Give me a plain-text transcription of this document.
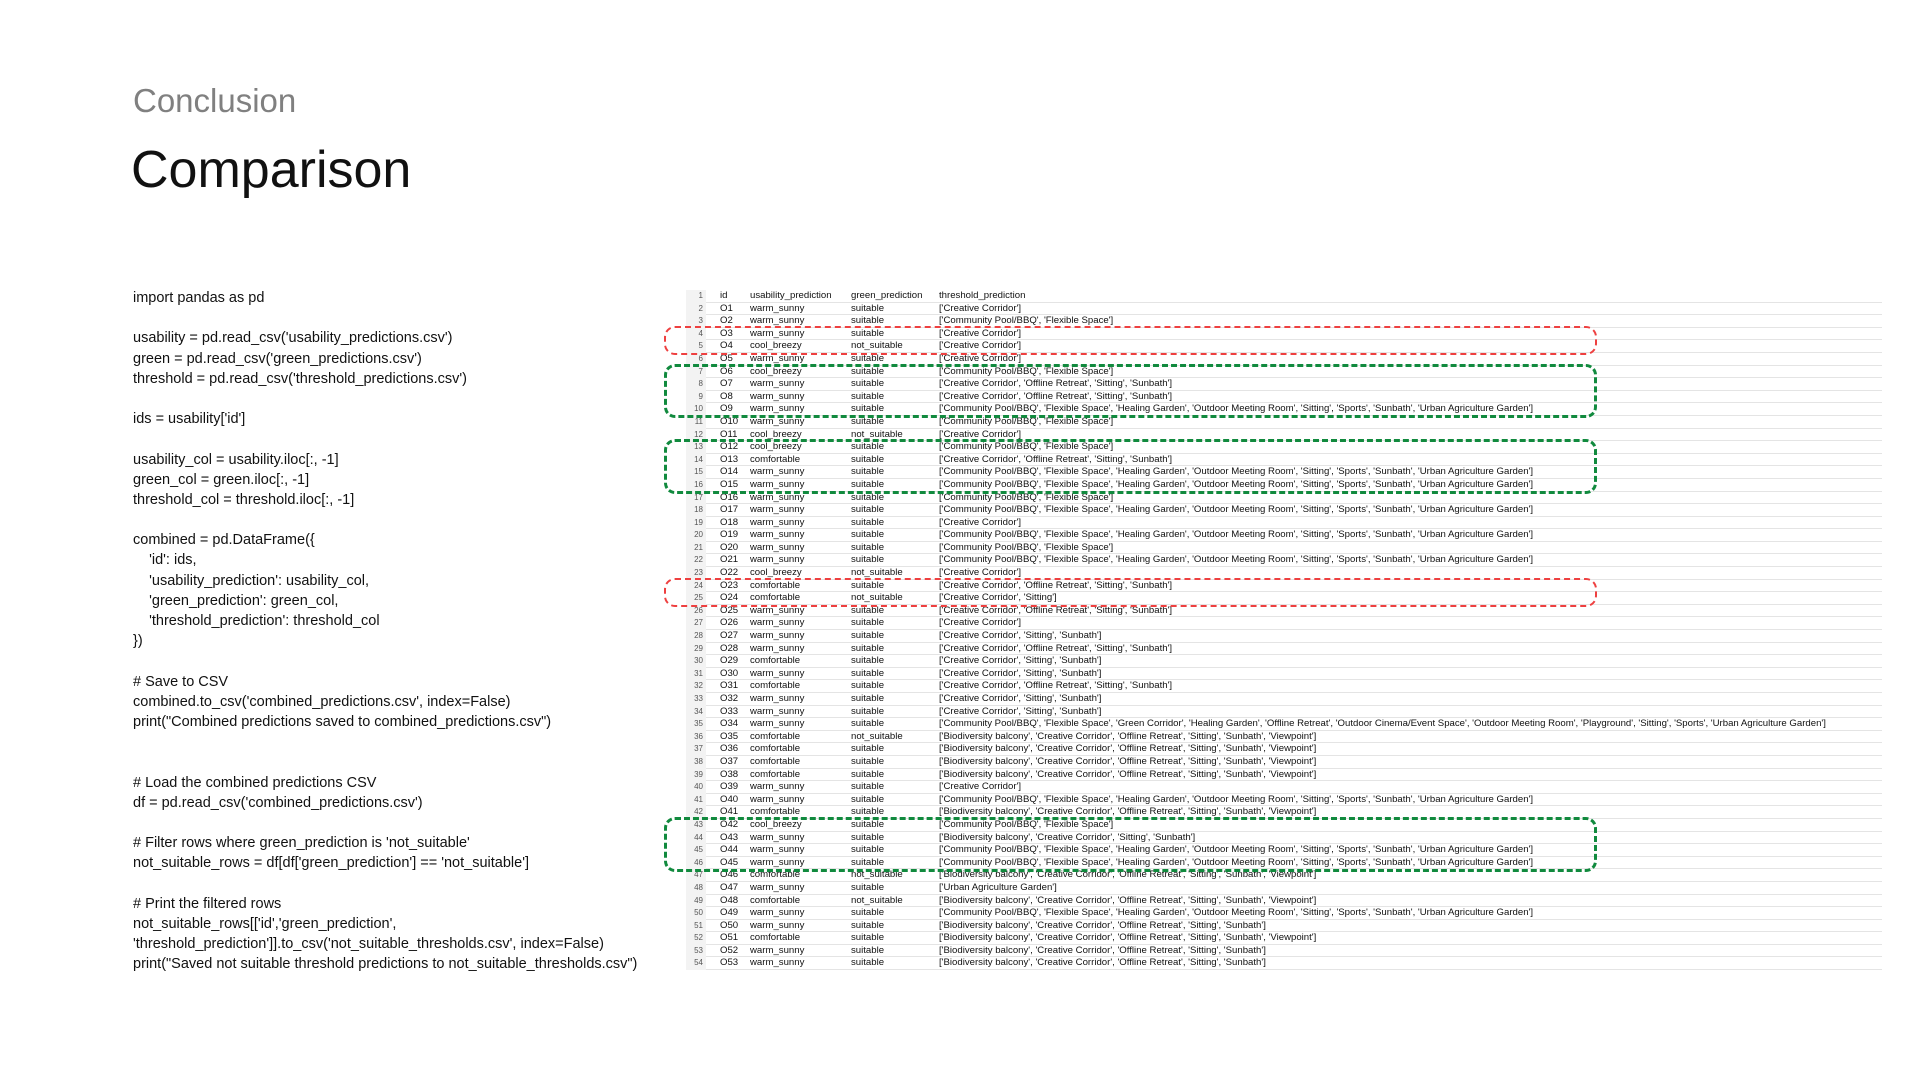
Conclusion
Comparison
import pandas as pd
usability = pd.read_csv('usability_predictions.csv')
green = pd.read_csv('green_predictions.csv')
threshold = pd.read_csv('threshold_predictions.csv')
ids = usability['id']
usability_col = usability.iloc[:, -1]
green_col = green.iloc[:, -1]
threshold_col = threshold.iloc[:, -1]
combined = pd.DataFrame({
'id': ids,
'usability_prediction': usability_col,
'green_prediction': green_col,
'threshold_prediction': threshold_col
})
# Save to CSV
combined.to_csv('combined_predictions.csv', index=False)
print("Combined predictions saved to combined_predictions.csv")
# Load the combined predictions CSV
df = pd.read_csv('combined_predictions.csv')
# Filter rows where green_prediction is 'not_suitable'
not_suitable_rows = df[df['green_prediction'] == 'not_suitable']
# Print the filtered rows
not_suitable_rows[['id','green_prediction',
'threshold_prediction']].to_csv('not_suitable_thresholds.csv', index=False)
print("Saved not suitable threshold predictions to not_suitable_thresholds.csv")
1	id usability_prediction green_prediction threshold_prediction
2	O1 warm_sunny	suitable	['Creative Corridor']
3	O2 warm_sunny	suitable	['Community Pool/BBQ', 'Flexible Space']
4	O3 warm_sunny	suitable	['Creative Corridor']
5	O4 cool_breezy	not_suitable	['Creative Corridor']
6	O5 warm_sunny	suitable	['Creative Corridor']
7	O6 cool_breezy	suitable	['Community Pool/BBQ', 'Flexible Space']
8	O7 warm_sunny	suitable	['Creative Corridor', 'Offline Retreat', 'Sitting', 'Sunbath']
9	O8 warm_sunny	suitable	['Creative Corridor', 'Offline Retreat', 'Sitting', 'Sunbath']
10	O9 warm_sunny	suitable	['Community Pool/BBQ', 'Flexible Space', 'Healing Garden', 'Outdoor Meeting Room', 'Sitting', 'Sports', 'Sunbath', 'Urban Agriculture Garden']
11	O10 warm_sunny	suitable	['Community Pool/BBQ', 'Flexible Space']
12	O11 cool_breezy	not_suitable	['Creative Corridor']
13	O12 cool_breezy	suitable	['Community Pool/BBQ', 'Flexible Space']
14	O13 comfortable	suitable	['Creative Corridor', 'Offline Retreat', 'Sitting', 'Sunbath']
15	O14 warm_sunny	suitable	['Community Pool/BBQ', 'Flexible Space', 'Healing Garden', 'Outdoor Meeting Room', 'Sitting', 'Sports', 'Sunbath', 'Urban Agriculture Garden']
16	O15 warm_sunny	suitable	['Community Pool/BBQ', 'Flexible Space', 'Healing Garden', 'Outdoor Meeting Room', 'Sitting', 'Sports', 'Sunbath', 'Urban Agriculture Garden']
17	O16 warm_sunny	suitable	['Community Pool/BBQ', 'Flexible Space']
18	O17 warm_sunny	suitable	['Community Pool/BBQ', 'Flexible Space', 'Healing Garden', 'Outdoor Meeting Room', 'Sitting', 'Sports', 'Sunbath', 'Urban Agriculture Garden']
19	O18 warm_sunny	suitable	['Creative Corridor']
20	O19 warm_sunny	suitable	['Community Pool/BBQ', 'Flexible Space', 'Healing Garden', 'Outdoor Meeting Room', 'Sitting', 'Sports', 'Sunbath', 'Urban Agriculture Garden']
21	O20 warm_sunny	suitable	['Community Pool/BBQ', 'Flexible Space']
22	O21 warm_sunny	suitable	['Community Pool/BBQ', 'Flexible Space', 'Healing Garden', 'Outdoor Meeting Room', 'Sitting', 'Sports', 'Sunbath', 'Urban Agriculture Garden']
23	O22 cool_breezy	not_suitable	['Creative Corridor']
24	O23 comfortable	suitable	['Creative Corridor', 'Offline Retreat', 'Sitting', 'Sunbath']
25	O24 comfortable	not_suitable	['Creative Corridor', 'Sitting']
26	O25 warm_sunny	suitable	['Creative Corridor', 'Offline Retreat', 'Sitting', 'Sunbath']
27	O26 warm_sunny	suitable	['Creative Corridor']
28	O27 warm_sunny	suitable	['Creative Corridor', 'Sitting', 'Sunbath']
29	O28 warm_sunny	suitable	['Creative Corridor', 'Offline Retreat', 'Sitting', 'Sunbath']
30	O29 comfortable	suitable	['Creative Corridor', 'Sitting', 'Sunbath']
31	O30 warm_sunny	suitable	['Creative Corridor', 'Sitting', 'Sunbath']
32	O31 comfortable	suitable	['Creative Corridor', 'Offline Retreat', 'Sitting', 'Sunbath']
33	O32 warm_sunny	suitable	['Creative Corridor', 'Sitting', 'Sunbath']
34	O33 warm_sunny	suitable	['Creative Corridor', 'Sitting', 'Sunbath']
35	O34 warm_sunny	suitable	['Community Pool/BBQ', 'Flexible Space', 'Green Corridor', 'Healing Garden', 'Offline Retreat', 'Outdoor Cinema/Event Space', 'Outdoor Meeting Room', 'Playground', 'Sitting', 'Sports', 'Urban Agriculture Garden']
36	O35 comfortable	not_suitable	['Biodiversity balcony', 'Creative Corridor', 'Offline Retreat', 'Sitting', 'Sunbath', 'Viewpoint']
37	O36 comfortable	suitable	['Biodiversity balcony', 'Creative Corridor', 'Offline Retreat', 'Sitting', 'Sunbath', 'Viewpoint']
38	O37 comfortable	suitable	['Biodiversity balcony', 'Creative Corridor', 'Offline Retreat', 'Sitting', 'Sunbath', 'Viewpoint']
39	O38 comfortable	suitable	['Biodiversity balcony', 'Creative Corridor', 'Offline Retreat', 'Sitting', 'Sunbath', 'Viewpoint']
40	O39 warm_sunny	suitable	['Creative Corridor']
41	O40 warm_sunny	suitable	['Community Pool/BBQ', 'Flexible Space', 'Healing Garden', 'Outdoor Meeting Room', 'Sitting', 'Sports', 'Sunbath', 'Urban Agriculture Garden']
42	O41 comfortable	suitable	['Biodiversity balcony', 'Creative Corridor', 'Offline Retreat', 'Sitting', 'Sunbath', 'Viewpoint']
43	O42 cool_breezy	suitable	['Community Pool/BBQ', 'Flexible Space']
44	O43 warm_sunny	suitable	['Biodiversity balcony', 'Creative Corridor', 'Sitting', 'Sunbath']
45	O44 warm_sunny	suitable	['Community Pool/BBQ', 'Flexible Space', 'Healing Garden', 'Outdoor Meeting Room', 'Sitting', 'Sports', 'Sunbath', 'Urban Agriculture Garden']
46	O45 warm_sunny	suitable	['Community Pool/BBQ', 'Flexible Space', 'Healing Garden', 'Outdoor Meeting Room', 'Sitting', 'Sports', 'Sunbath', 'Urban Agriculture Garden']
47	O46 comfortable	not_suitable	['Biodiversity balcony', 'Creative Corridor', 'Offline Retreat', 'Sitting', 'Sunbath', 'Viewpoint']
48	O47 warm_sunny	suitable	['Urban Agriculture Garden']
49	O48 comfortable	not_suitable	['Biodiversity balcony', 'Creative Corridor', 'Offline Retreat', 'Sitting', 'Sunbath', 'Viewpoint']
50	O49 warm_sunny	suitable	['Community Pool/BBQ', 'Flexible Space', 'Healing Garden', 'Outdoor Meeting Room', 'Sitting', 'Sports', 'Sunbath', 'Urban Agriculture Garden']
51	O50 warm_sunny	suitable	['Biodiversity balcony', 'Creative Corridor', 'Offline Retreat', 'Sitting', 'Sunbath']
52	O51 comfortable	suitable	['Biodiversity balcony', 'Creative Corridor', 'Offline Retreat', 'Sitting', 'Sunbath', 'Viewpoint']
53	O52 warm_sunny	suitable	['Biodiversity balcony', 'Creative Corridor', 'Offline Retreat', 'Sitting', 'Sunbath']
54	O53 warm_sunny	suitable	['Biodiversity balcony', 'Creative Corridor', 'Offline Retreat', 'Sitting', 'Sunbath']
